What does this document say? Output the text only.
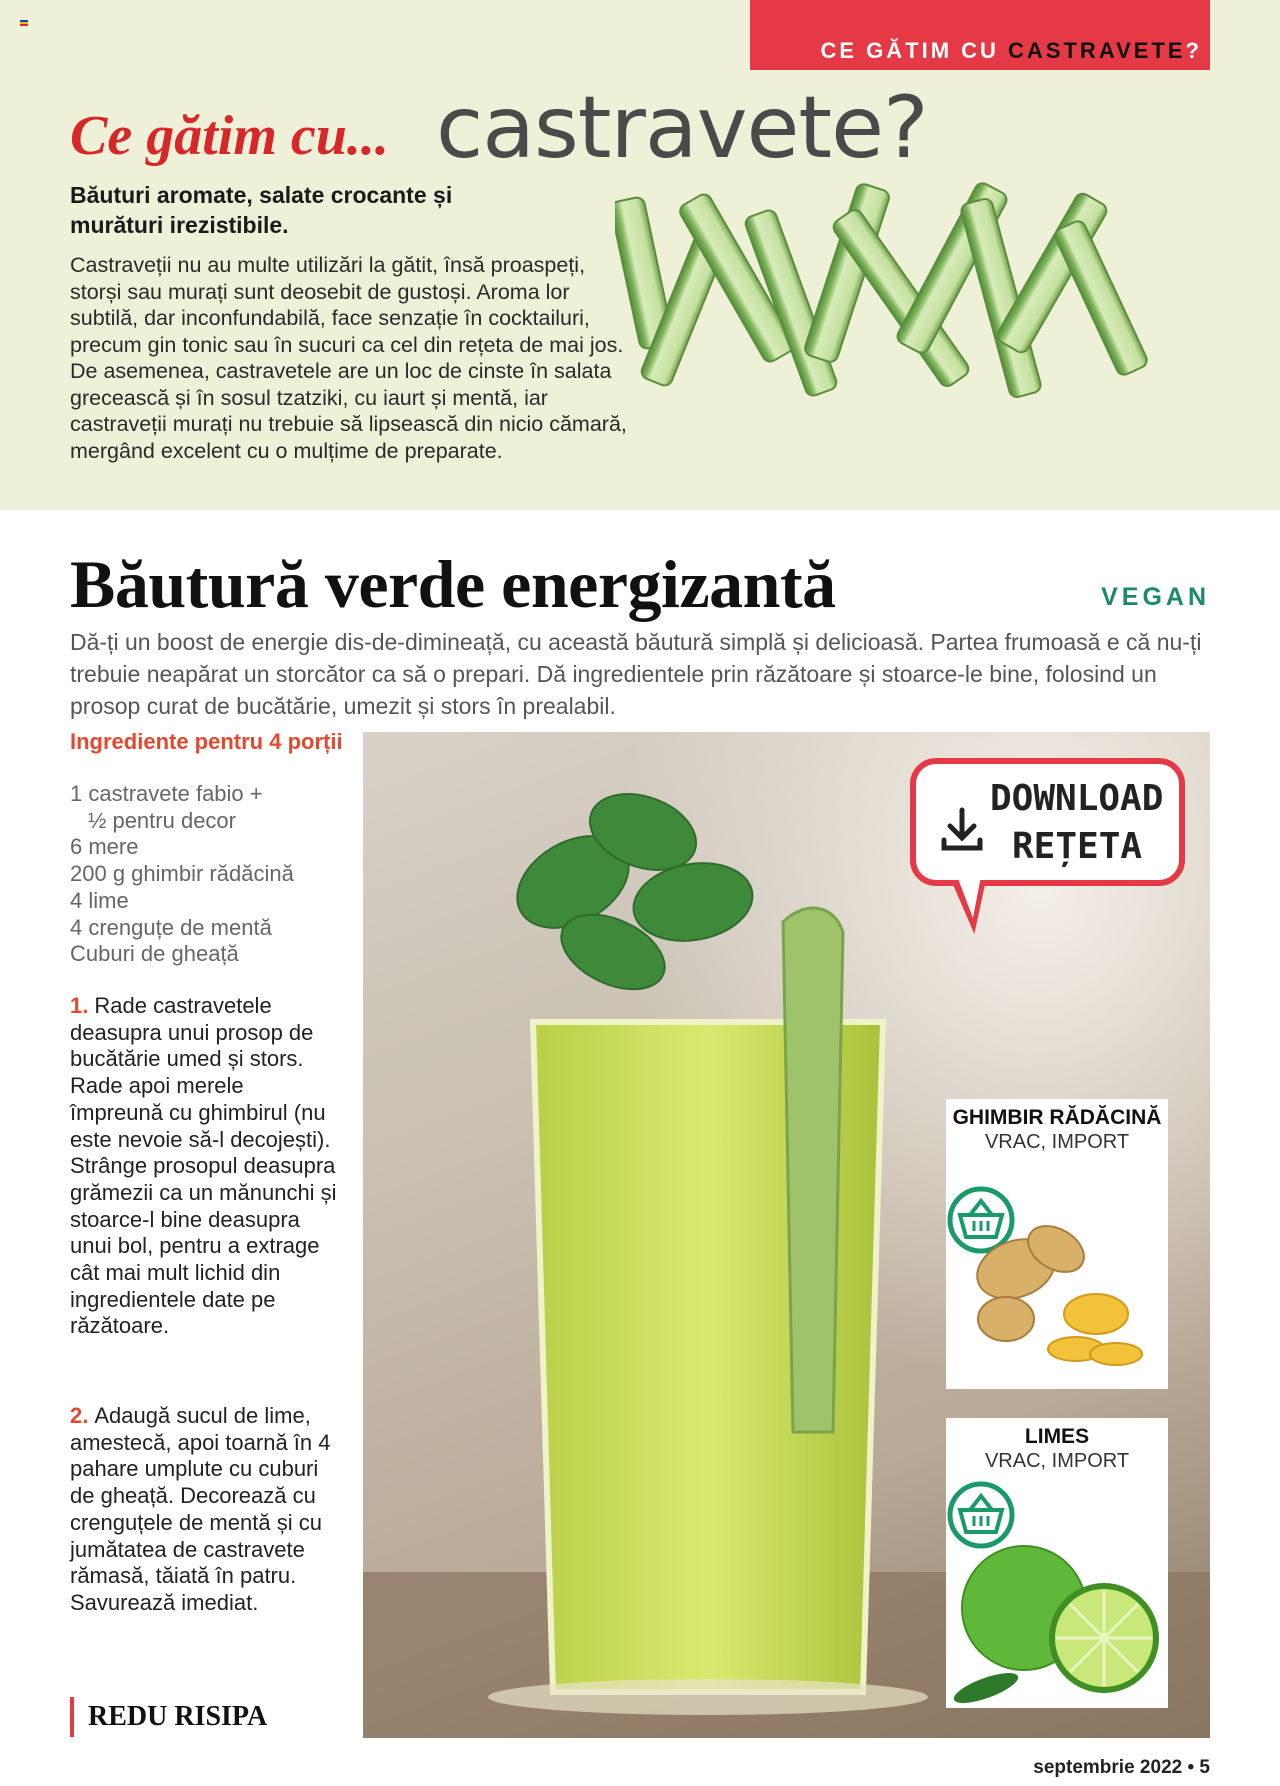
CE GĂTIM CU CASTRAVETE?
Ce gătim cu... castravete?
Băuturi aromate, salate crocante și murături irezistibile.
Castraveții nu au multe utilizări la gătit, însă proaspeți, storși sau murați sunt deosebit de gustoși. Aroma lor subtilă, dar inconfundabilă, face senzație în cocktailuri, precum gin tonic sau în sucuri ca cel din rețeta de mai jos. De asemenea, castravetele are un loc de cinste în salata grecească și în sosul tzatziki, cu iaurt și mentă, iar castraveții murați nu trebuie să lipsească din nicio cămară, mergând excelent cu o mulțime de preparate.
Băutură verde energizantă	VEGAN
Dă-ți un boost de energie dis-de-dimineață, cu această băutură simplă și delicioasă. Partea frumoasă e că nu-ți trebuie neapărat un storcător ca să o prepari. Dă ingredientele prin răzătoare și stoarce-le bine, folosind un prosop curat de bucătărie, umezit și stors în prealabil.
Ingrediente pentru 4 porții
1 castravete fabio +
½ pentru decor
6 mere
200 g ghimbir rădăcină
4 lime
4 crenguțe de mentă
Cuburi de gheață
1. Rade castravetele deasupra unui prosop de bucătărie umed și stors. Rade apoi merele împreună cu ghimbirul (nu este nevoie să-l decojești). Strânge prosopul deasupra grămezii ca un mănunchi și stoarce-l bine deasupra unui bol, pentru a extrage cât mai mult lichid din ingredientele date pe răzătoare.
2. Adaugă sucul de lime, amestecă, apoi toarnă în 4 pahare umplute cu cuburi de gheață. Decorează cu crenguțele de mentă și cu jumătatea de castravete rămasă, tăiată în patru. Savurează imediat.
REDU RISIPA
DOWNLOAD
REȚETA
GHIMBIR RĂDĂCINĂ
VRAC, IMPORT
LIMES
VRAC, IMPORT
septembrie 2022 • 5
